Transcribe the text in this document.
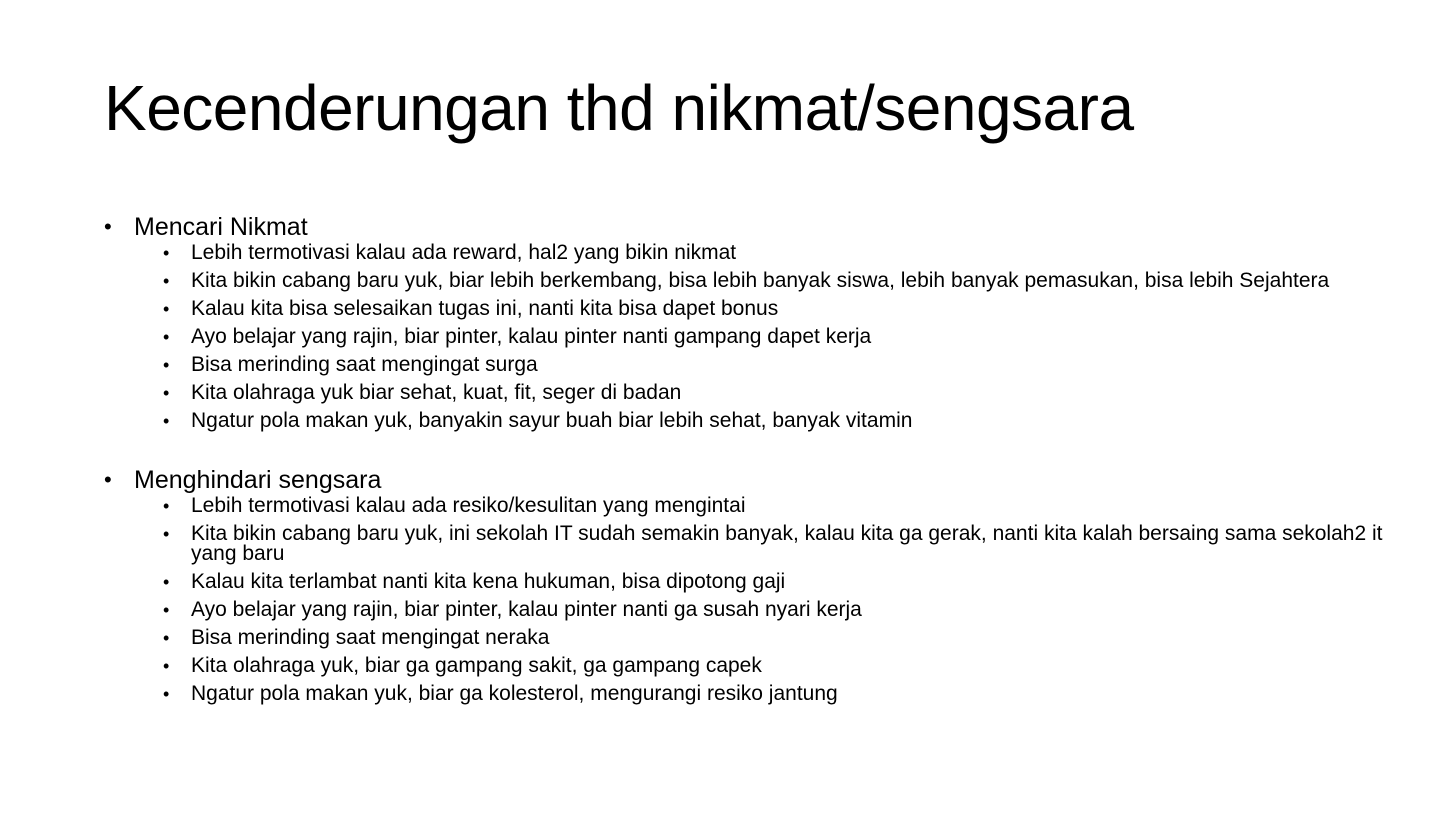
Kecenderungan thd nikmat/sengsara
• Mencari Nikmat
• Lebih termotivasi kalau ada reward, hal2 yang bikin nikmat
• Kita bikin cabang baru yuk, biar lebih berkembang, bisa lebih banyak siswa, lebih banyak pemasukan, bisa lebih Sejahtera
• Kalau kita bisa selesaikan tugas ini, nanti kita bisa dapet bonus
• Ayo belajar yang rajin, biar pinter, kalau pinter nanti gampang dapet kerja
• Bisa merinding saat mengingat surga
• Kita olahraga yuk biar sehat, kuat, fit, seger di badan
• Ngatur pola makan yuk, banyakin sayur buah biar lebih sehat, banyak vitamin
• Menghindari sengsara
• Lebih termotivasi kalau ada resiko/kesulitan yang mengintai
• Kita bikin cabang baru yuk, ini sekolah IT sudah semakin banyak, kalau kita ga gerak, nanti kita kalah bersaing sama sekolah2 it yang baru
• Kalau kita terlambat nanti kita kena hukuman, bisa dipotong gaji
• Ayo belajar yang rajin, biar pinter, kalau pinter nanti ga susah nyari kerja
• Bisa merinding saat mengingat neraka
• Kita olahraga yuk, biar ga gampang sakit, ga gampang capek
• Ngatur pola makan yuk, biar ga kolesterol, mengurangi resiko jantung
